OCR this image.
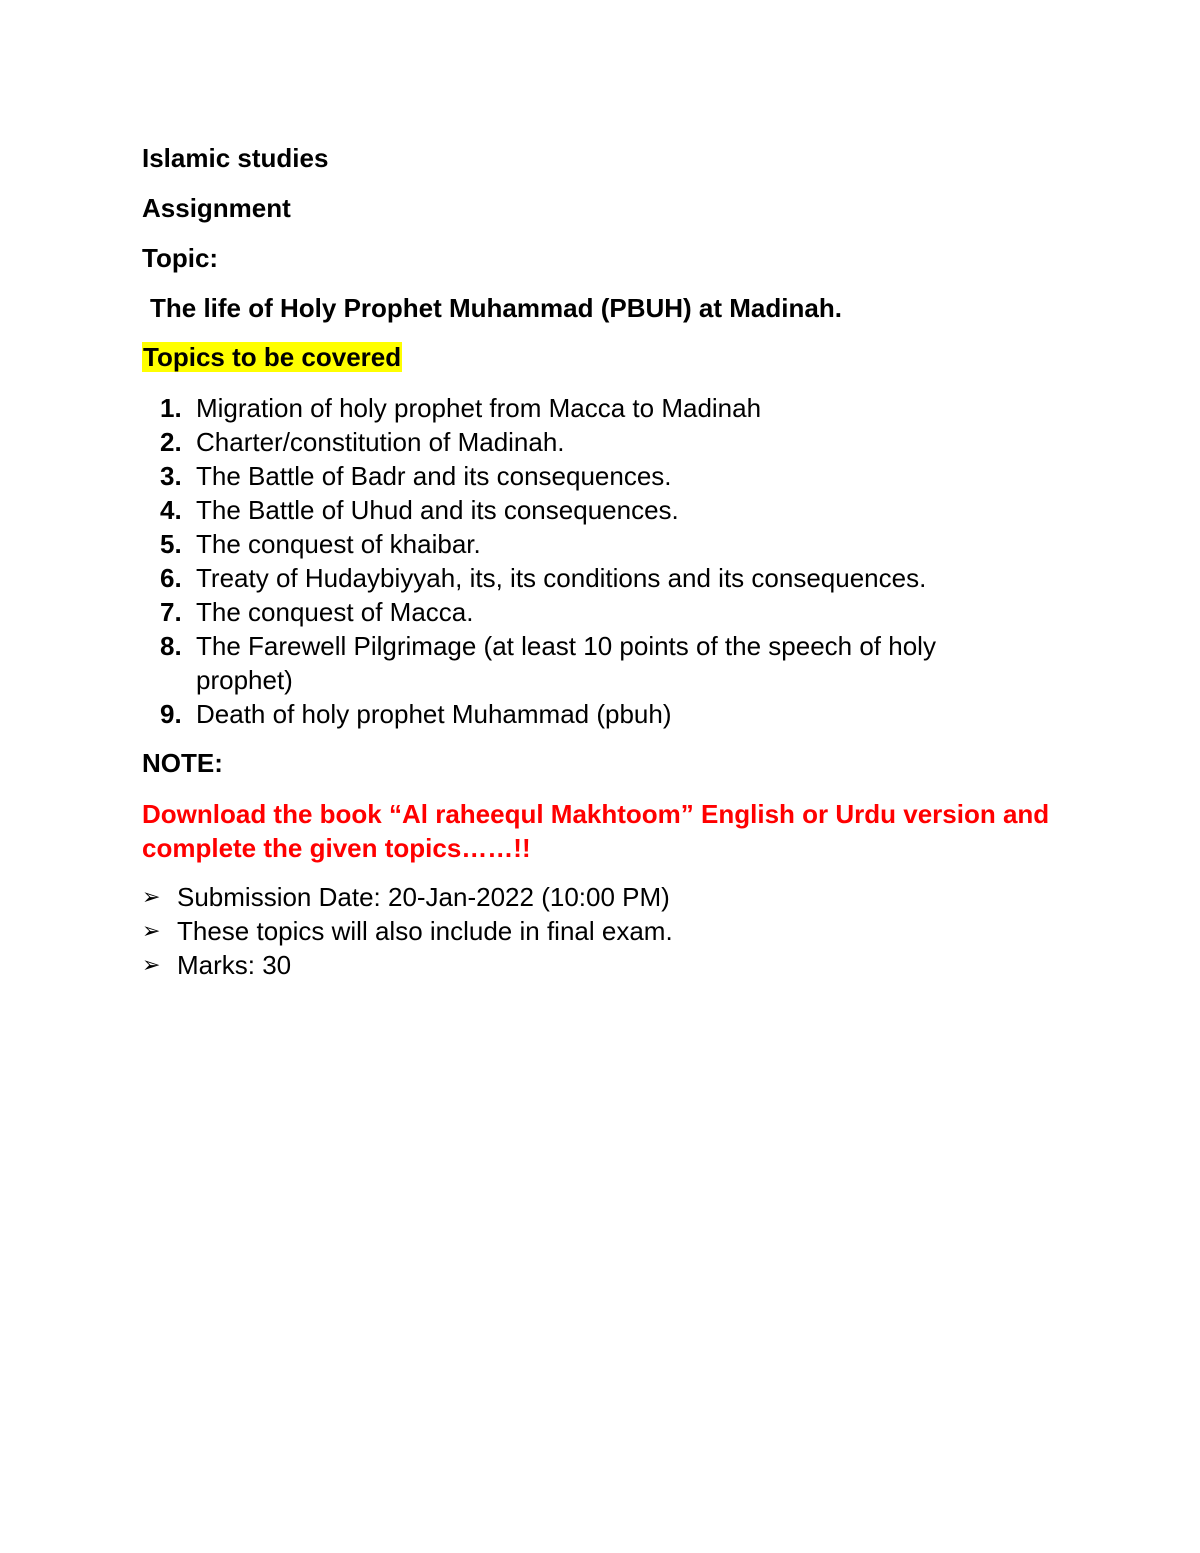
Islamic studies
Assignment
Topic:
The life of Holy Prophet Muhammad (PBUH) at Madinah.
Topics to be covered
1. Migration of holy prophet from Macca to Madinah
2. Charter/constitution of Madinah.
3. The Battle of Badr and its consequences.
4. The Battle of Uhud and its consequences.
5. The conquest of khaibar.
6. Treaty of Hudaybiyyah, its, its conditions and its consequences.
7. The conquest of Macca.
8. The Farewell Pilgrimage (at least 10 points of the speech of holy prophet)
9. Death of holy prophet Muhammad (pbuh)
NOTE:
Download the book “Al raheequl Makhtoom” English or Urdu version and complete the given topics……!!
➢ Submission Date: 20-Jan-2022 (10:00 PM)
➢ These topics will also include in final exam.
➢ Marks: 30
